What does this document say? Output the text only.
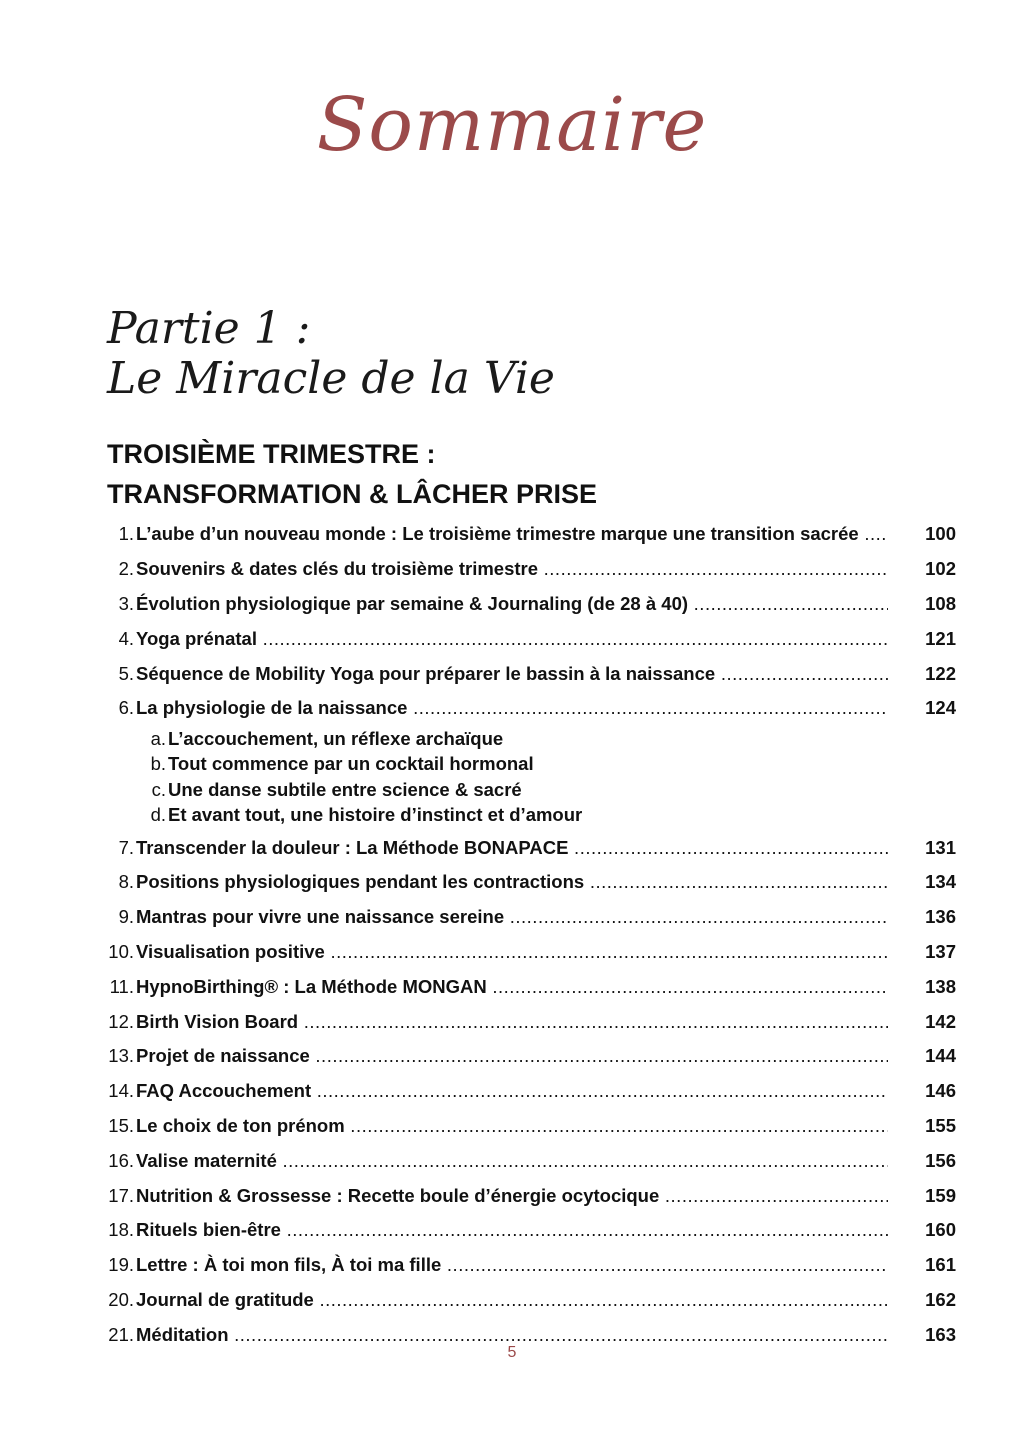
Sommaire
Partie 1 :
Le Miracle de la Vie
TROISIÈME TRIMESTRE :
TRANSFORMATION & LÂCHER PRISE
1. L’aube d’un nouveau monde : Le troisième trimestre marque une transition sacrée .....	100
2. Souvenirs & dates clés du troisième trimestre .....	102
3. Évolution physiologique par semaine & Journaling (de 28 à 40) .....	108
4. Yoga prénatal .....	121
5. Séquence de Mobility Yoga pour préparer le bassin à la naissance .....	122
6. La physiologie de la naissance .....	124
a. L’accouchement, un réflexe archaïque
b. Tout commence par un cocktail hormonal
c. Une danse subtile entre science & sacré
d. Et avant tout, une histoire d’instinct et d’amour
7. Transcender la douleur : La Méthode BONAPACE .....	131
8. Positions physiologiques pendant les contractions .....	134
9. Mantras pour vivre une naissance sereine .....	136
10. Visualisation positive .....	137
11. HypnoBirthing® : La Méthode MONGAN .....	138
12. Birth Vision Board .....	142
13. Projet de naissance .....	144
14. FAQ Accouchement .....	146
15. Le choix de ton prénom .....	155
16. Valise maternité .....	156
17. Nutrition & Grossesse : Recette boule d’énergie ocytocique .....	159
18. Rituels bien-être .....	160
19. Lettre : À toi mon fils, À toi ma fille .....	161
20. Journal de gratitude .....	162
21. Méditation .....	163
5
